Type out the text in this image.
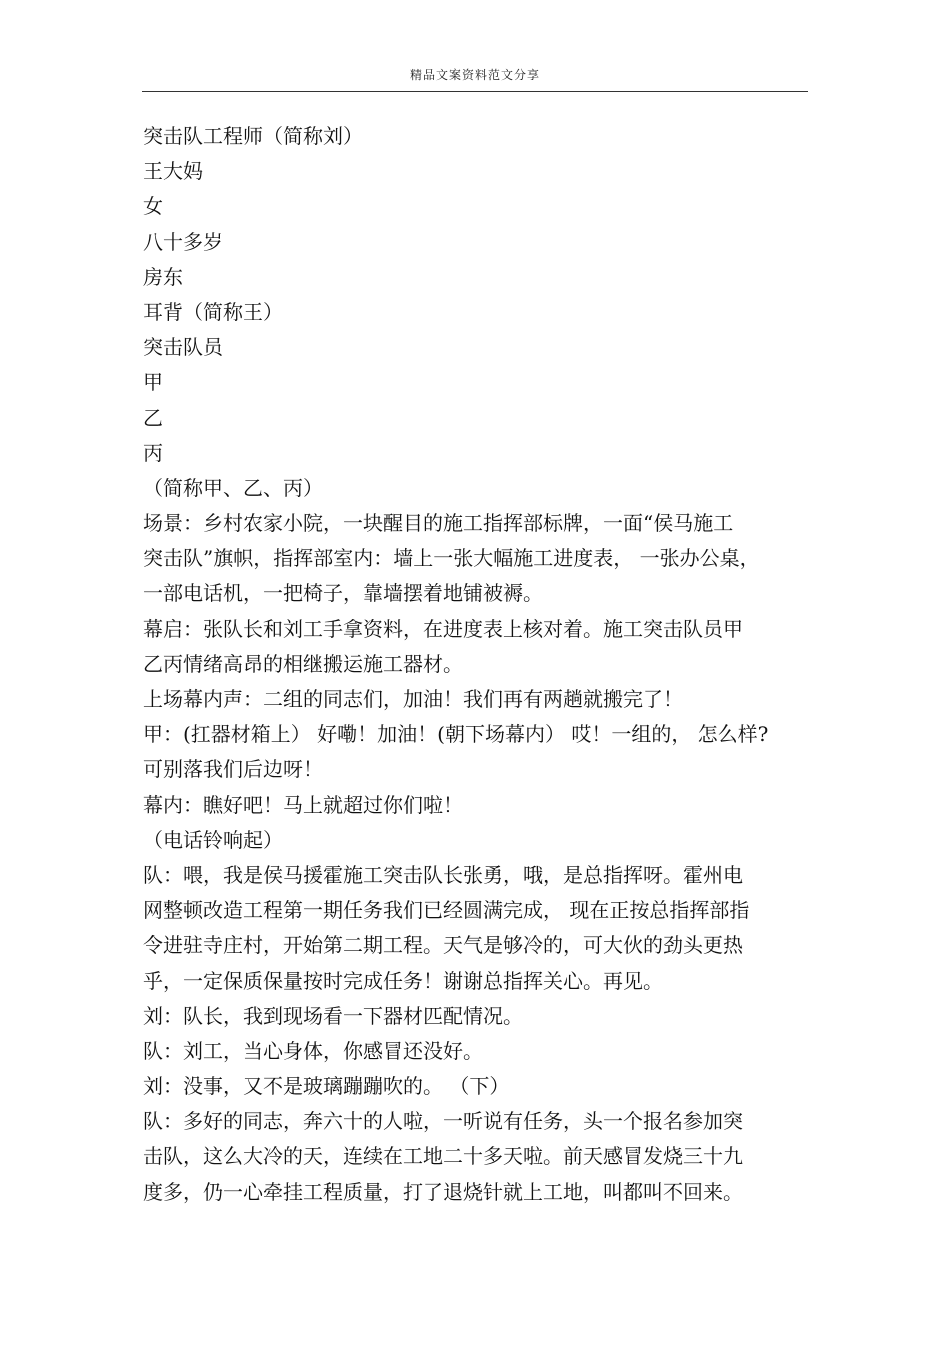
精品文案资料范文分享
突击队工程师（简称刘）
王大妈
女
八十多岁
房东
耳背（简称王）
突击队员
甲
乙
丙
（简称甲、乙、丙）
场景：乡村农家小院，一块醒目的施工指挥部标牌，一面“侯马施工
突击队”旗帜，指挥部室内：墙上一张大幅施工进度表， 一张办公桌，
一部电话机，一把椅子，靠墙摆着地铺被褥。
幕启：张队长和刘工手拿资料，在进度表上核对着。施工突击队员甲
乙丙情绪高昂的相继搬运施工器材。
上场幕内声：二组的同志们，加油！我们再有两趟就搬完了！
甲：(扛器材箱上） 好嘞！加油！(朝下场幕内） 哎！一组的， 怎么样?
可别落我们后边呀！
幕内：瞧好吧！马上就超过你们啦！
（电话铃响起）
队：喂，我是侯马援霍施工突击队长张勇，哦，是总指挥呀。霍州电
网整顿改造工程第一期任务我们已经圆满完成， 现在正按总指挥部指
令进驻寺庄村，开始第二期工程。天气是够冷的，可大伙的劲头更热
乎，一定保质保量按时完成任务！谢谢总指挥关心。再见。
刘：队长，我到现场看一下器材匹配情况。
队：刘工，当心身体，你感冒还没好。
刘：没事，又不是玻璃蹦蹦吹的。 （下）
队：多好的同志，奔六十的人啦，一听说有任务，头一个报名参加突
击队，这么大冷的天，连续在工地二十多天啦。前天感冒发烧三十九
度多，仍一心牵挂工程质量，打了退烧针就上工地，叫都叫不回来。
